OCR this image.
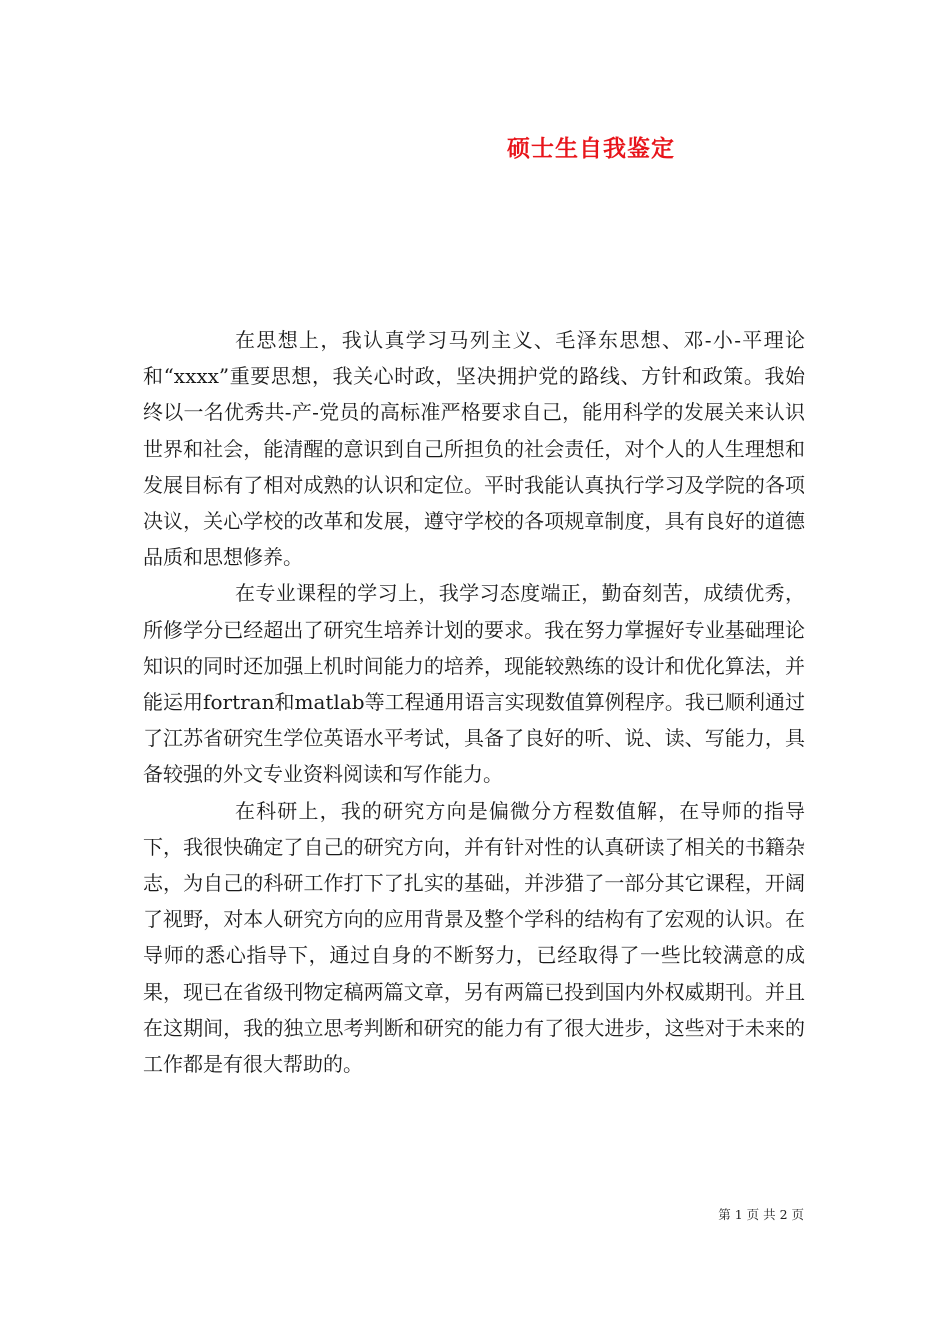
硕士生自我鉴定

在思想上，我认真学习马列主义、毛泽东思想、邓-小-平理论和“xxxx”重要思想，我关心时政，坚决拥护党的路线、方针和政策。我始终以一名优秀共-产-党员的高标准严格要求自己，能用科学的发展关来认识世界和社会，能清醒的意识到自己所担负的社会责任，对个人的人生理想和发展目标有了相对成熟的认识和定位。平时我能认真执行学习及学院的各项决议，关心学校的改革和发展，遵守学校的各项规章制度，具有良好的道德品质和思想修养。

在专业课程的学习上，我学习态度端正，勤奋刻苦，成绩优秀，所修学分已经超出了研究生培养计划的要求。我在努力掌握好专业基础理论知识的同时还加强上机时间能力的培养，现能较熟练的设计和优化算法，并能运用fortran和matlab等工程通用语言实现数值算例程序。我已顺利通过了江苏省研究生学位英语水平考试，具备了良好的听、说、读、写能力，具备较强的外文专业资料阅读和写作能力。

在科研上，我的研究方向是偏微分方程数值解，在导师的指导下，我很快确定了自己的研究方向，并有针对性的认真研读了相关的书籍杂志，为自己的科研工作打下了扎实的基础，并涉猎了一部分其它课程，开阔了视野，对本人研究方向的应用背景及整个学科的结构有了宏观的认识。在导师的悉心指导下，通过自身的不断努力，已经取得了一些比较满意的成果，现已在省级刊物定稿两篇文章，另有两篇已投到国内外权威期刊。并且在这期间，我的独立思考判断和研究的能力有了很大进步，这些对于未来的工作都是有很大帮助的。

第 1 页 共 2 页
